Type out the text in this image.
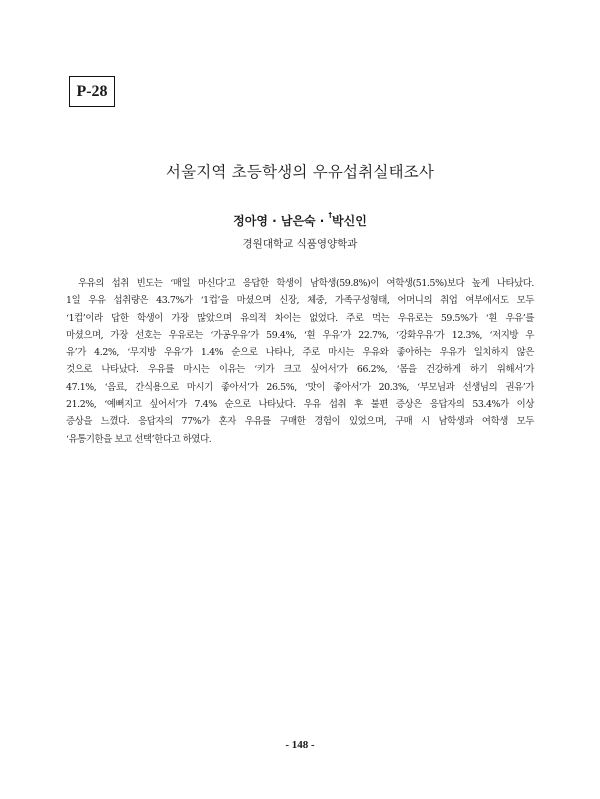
P-28
서울지역 초등학생의 우유섭취실태조사
정아영 · 남은숙 · †박신인
경원대학교 식품영양학과
우유의 섭취 빈도는 ‘매일 마신다’고 응답한 학생이 남학생(59.8%)이 여학생(51.5%)보다 높게 나타났다.
1일 우유 섭취량은 43.7%가 ‘1컵’을 마셨으며 신장, 체중, 가족구성형태, 어머니의 취업 여부에서도 모두
‘1컵’이라 답한 학생이 가장 많았으며 유의적 차이는 없었다. 주로 먹는 우유로는 59.5%가 ‘흰 우유’를
마셨으며, 가장 선호는 우유로는 ‘가공우유’가 59.4%, ‘흰 우유’가 22.7%, ‘강화우유’가 12.3%, ‘저지방 우
유’가 4.2%, ‘무지방 우유’가 1.4% 순으로 나타나, 주로 마시는 우유와 좋아하는 우유가 일치하지 않은
것으로 나타났다. 우유를 마시는 이유는 ‘키가 크고 싶어서’가 66.2%, ‘몸을 건강하게 하기 위해서’가
47.1%, ‘음료, 간식용으로 마시기 좋아서’가 26.5%, ‘맛이 좋아서’가 20.3%, ‘부모님과 선생님의 권유’가
21.2%, ‘예뻐지고 싶어서’가 7.4% 순으로 나타났다. 우유 섭취 후 불편 증상은 응답자의 53.4%가 이상
증상을 느꼈다. 응답자의 77%가 혼자 우유를 구매한 경험이 있었으며, 구매 시 남학생과 여학생 모두
‘유통기한을 보고 선택’한다고 하였다.
- 148 -
